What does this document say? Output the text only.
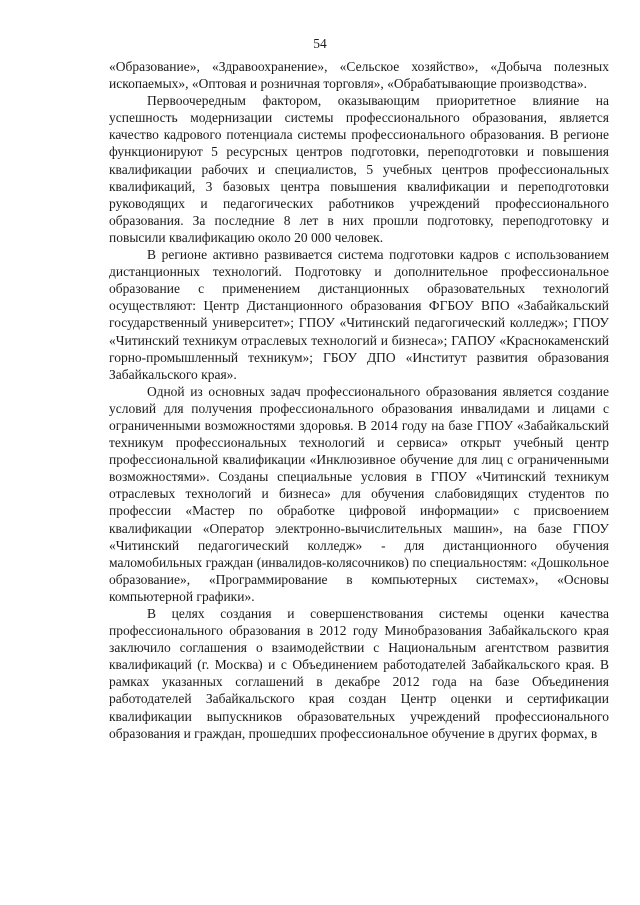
54

«Образование», «Здравоохранение», «Сельское хозяйство», «Добыча полезных ископаемых», «Оптовая и розничная торговля», «Обрабатывающие производства».

Первоочередным фактором, оказывающим приоритетное влияние на успешность модернизации системы профессионального образования, является качество кадрового потенциала системы профессионального образования. В регионе функционируют 5 ресурсных центров подготовки, переподготовки и повышения квалификации рабочих и специалистов, 5 учебных центров профессиональных квалификаций, 3 базовых центра повышения квалификации и переподготовки руководящих и педагогических работников учреждений профессионального образования. За последние 8 лет в них прошли подготовку, переподготовку и повысили квалификацию около 20 000 человек.

В регионе активно развивается система подготовки кадров с использованием дистанционных технологий. Подготовку и дополнительное профессиональное образование с применением дистанционных образовательных технологий осуществляют: Центр Дистанционного образования ФГБОУ ВПО «Забайкальский государственный университет»; ГПОУ «Читинский педагогический колледж»; ГПОУ «Читинский техникум отраслевых технологий и бизнеса»; ГАПОУ «Краснокаменский горно-промышленный техникум»; ГБОУ ДПО «Институт развития образования Забайкальского края».

Одной из основных задач профессионального образования является создание условий для получения профессионального образования инвалидами и лицами с ограниченными возможностями здоровья. В 2014 году на базе ГПОУ «Забайкальский техникум профессиональных технологий и сервиса» открыт учебный центр профессиональной квалификации «Инклюзивное обучение для лиц с ограниченными возможностями». Созданы специальные условия в ГПОУ «Читинский техникум отраслевых технологий и бизнеса» для обучения слабовидящих студентов по профессии «Мастер по обработке цифровой информации» с присвоением квалификации «Оператор электронно-вычислительных машин», на базе ГПОУ «Читинский педагогический колледж» - для дистанционного обучения маломобильных граждан (инвалидов-колясочников) по специальностям: «Дошкольное образование», «Программирование в компьютерных системах», «Основы компьютерной графики».

В целях создания и совершенствования системы оценки качества профессионального образования в 2012 году Минобразования Забайкальского края заключило соглашения о взаимодействии с Национальным агентством развития квалификаций (г. Москва) и с Объединением работодателей Забайкальского края. В рамках указанных соглашений в декабре 2012 года на базе Объединения работодателей Забайкальского края создан Центр оценки и сертификации квалификации выпускников образовательных учреждений профессионального образования и граждан, прошедших профессиональное обучение в других формах, в
